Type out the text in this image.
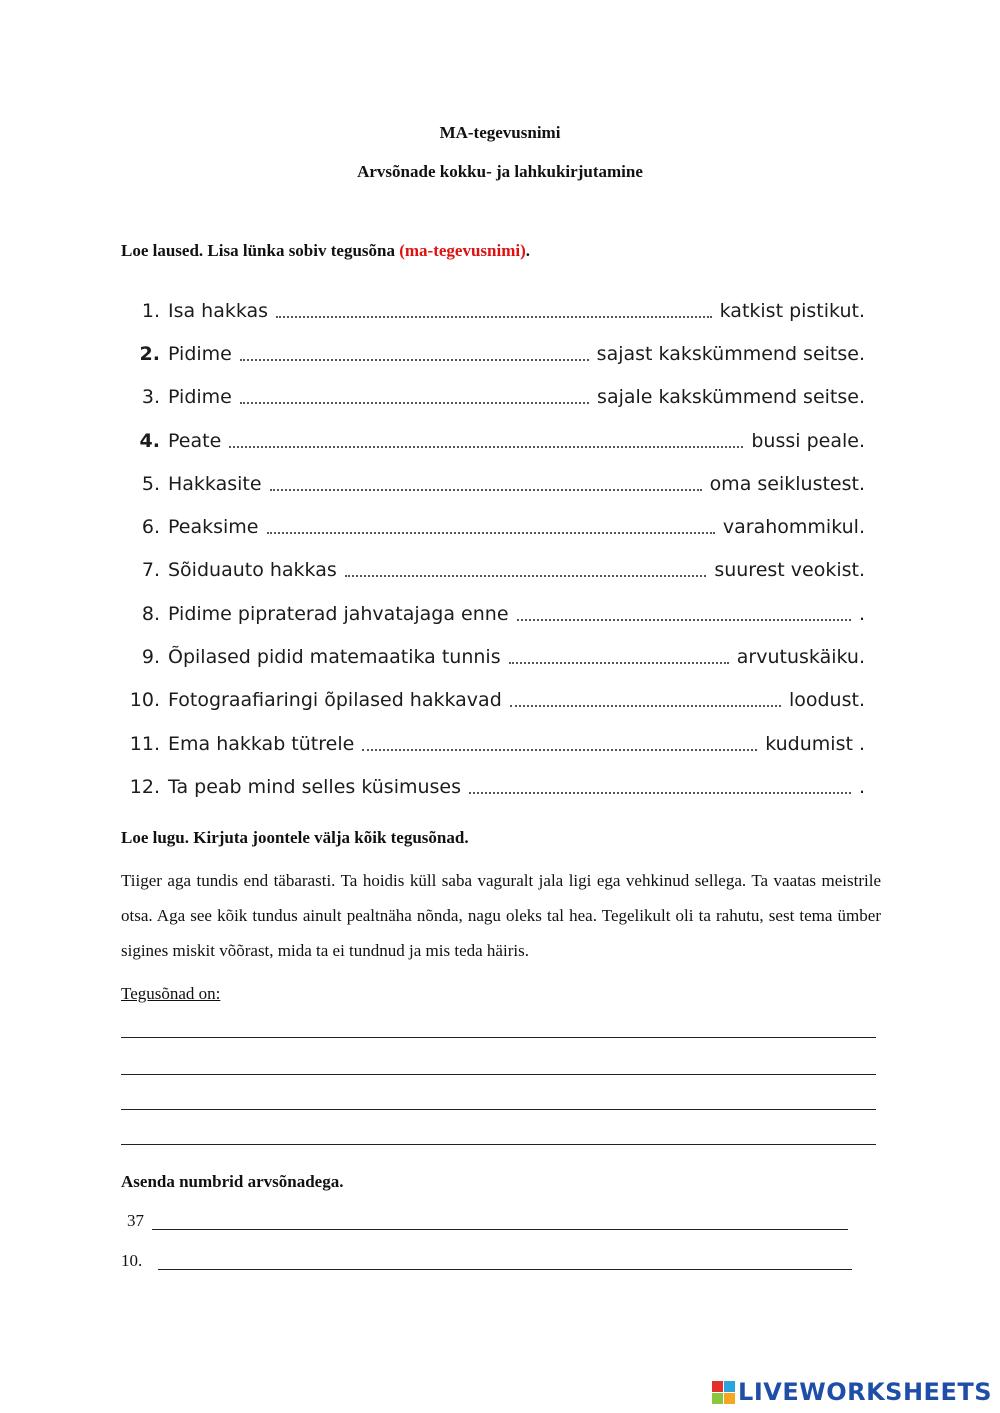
MA-tegevusnimi
Arvsõnade kokku- ja lahkukirjutamine
Loe laused. Lisa lünka sobiv tegusõna (ma-tegevusnimi).
1. Isa hakkas	katkist pistikut.
2. Pidime	sajast kakskümmend seitse.
3. Pidime	sajale kakskümmend seitse.
4. Peate	bussi peale.
5. Hakkasite	oma seiklustest.
6. Peaksime	varahommikul.
7. Sõiduauto hakkas	suurest veokist.
8. Pidime pipraterad jahvatajaga enne	.
9. Õpilased pidid matemaatika tunnis	arvutuskäiku.
10. Fotograafiaringi õpilased hakkavad	loodust.
11. Ema hakkab tütrele	kudumist .
12. Ta peab mind selles küsimuses	.
Loe lugu. Kirjuta joontele välja kõik tegusõnad.

Tiiger aga tundis end täbarasti. Ta hoidis küll saba vaguralt jala ligi ega vehkinud sellega. Ta vaatas meistrile otsa. Aga see kõik tundus ainult pealtnäha nõnda, nagu oleks tal hea. Tegelikult oli ta rahutu, sest tema ümber sigines miskit võõrast, mida ta ei tundnud ja mis teda häiris.

Tegusõnad on:
Asenda numbrid arvsõnadega.
37
10.
LIVEWORKSHEETS
